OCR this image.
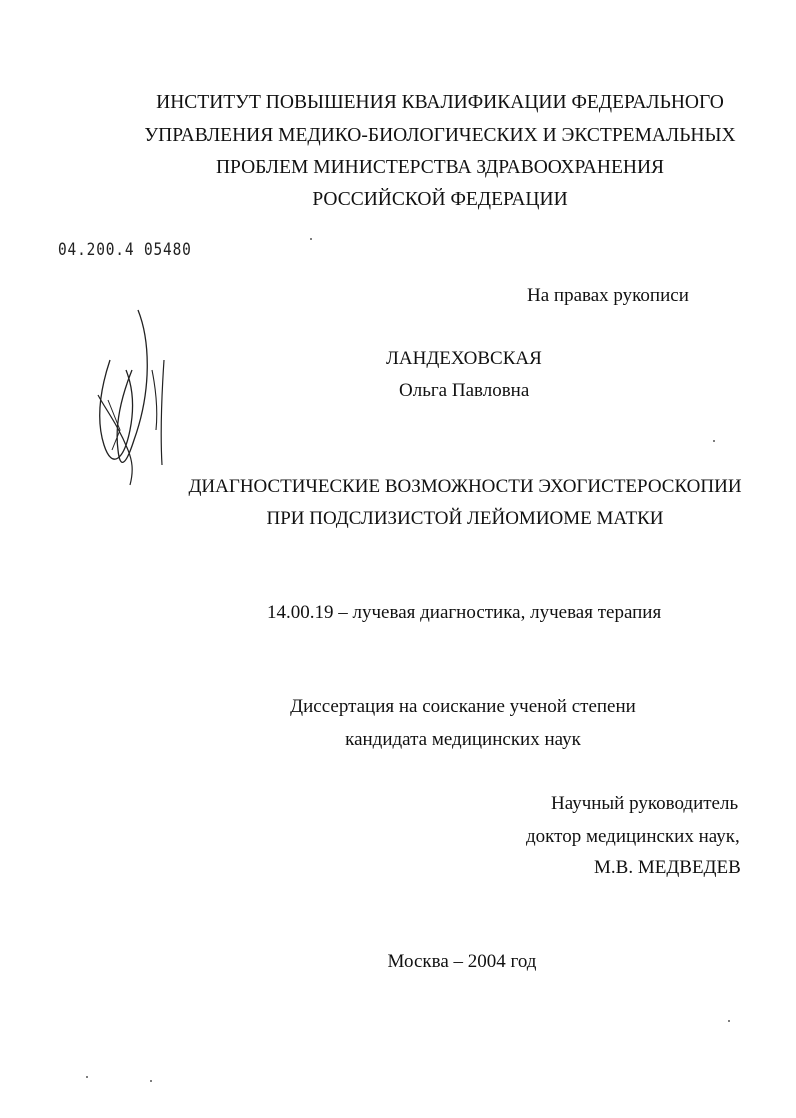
ИНСТИТУТ ПОВЫШЕНИЯ КВАЛИФИКАЦИИ ФЕДЕРАЛЬНОГО
УПРАВЛЕНИЯ МЕДИКО-БИОЛОГИЧЕСКИХ И ЭКСТРЕМАЛЬНЫХ
ПРОБЛЕМ МИНИСТЕРСТВА ЗДРАВООХРАНЕНИЯ
РОССИЙСКОЙ ФЕДЕРАЦИИ
04.200.4 05480
На правах рукописи
ЛАНДЕХОВСКАЯ
Ольга Павловна
ДИАГНОСТИЧЕСКИЕ ВОЗМОЖНОСТИ ЭХОГИСТЕРОСКОПИИ
ПРИ ПОДСЛИЗИСТОЙ ЛЕЙОМИОМЕ МАТКИ
14.00.19 – лучевая диагностика, лучевая терапия
Диссертация на соискание ученой степени
кандидата медицинских наук
Научный руководитель
доктор медицинских наук,
М.В. МЕДВЕДЕВ
Москва – 2004 год
